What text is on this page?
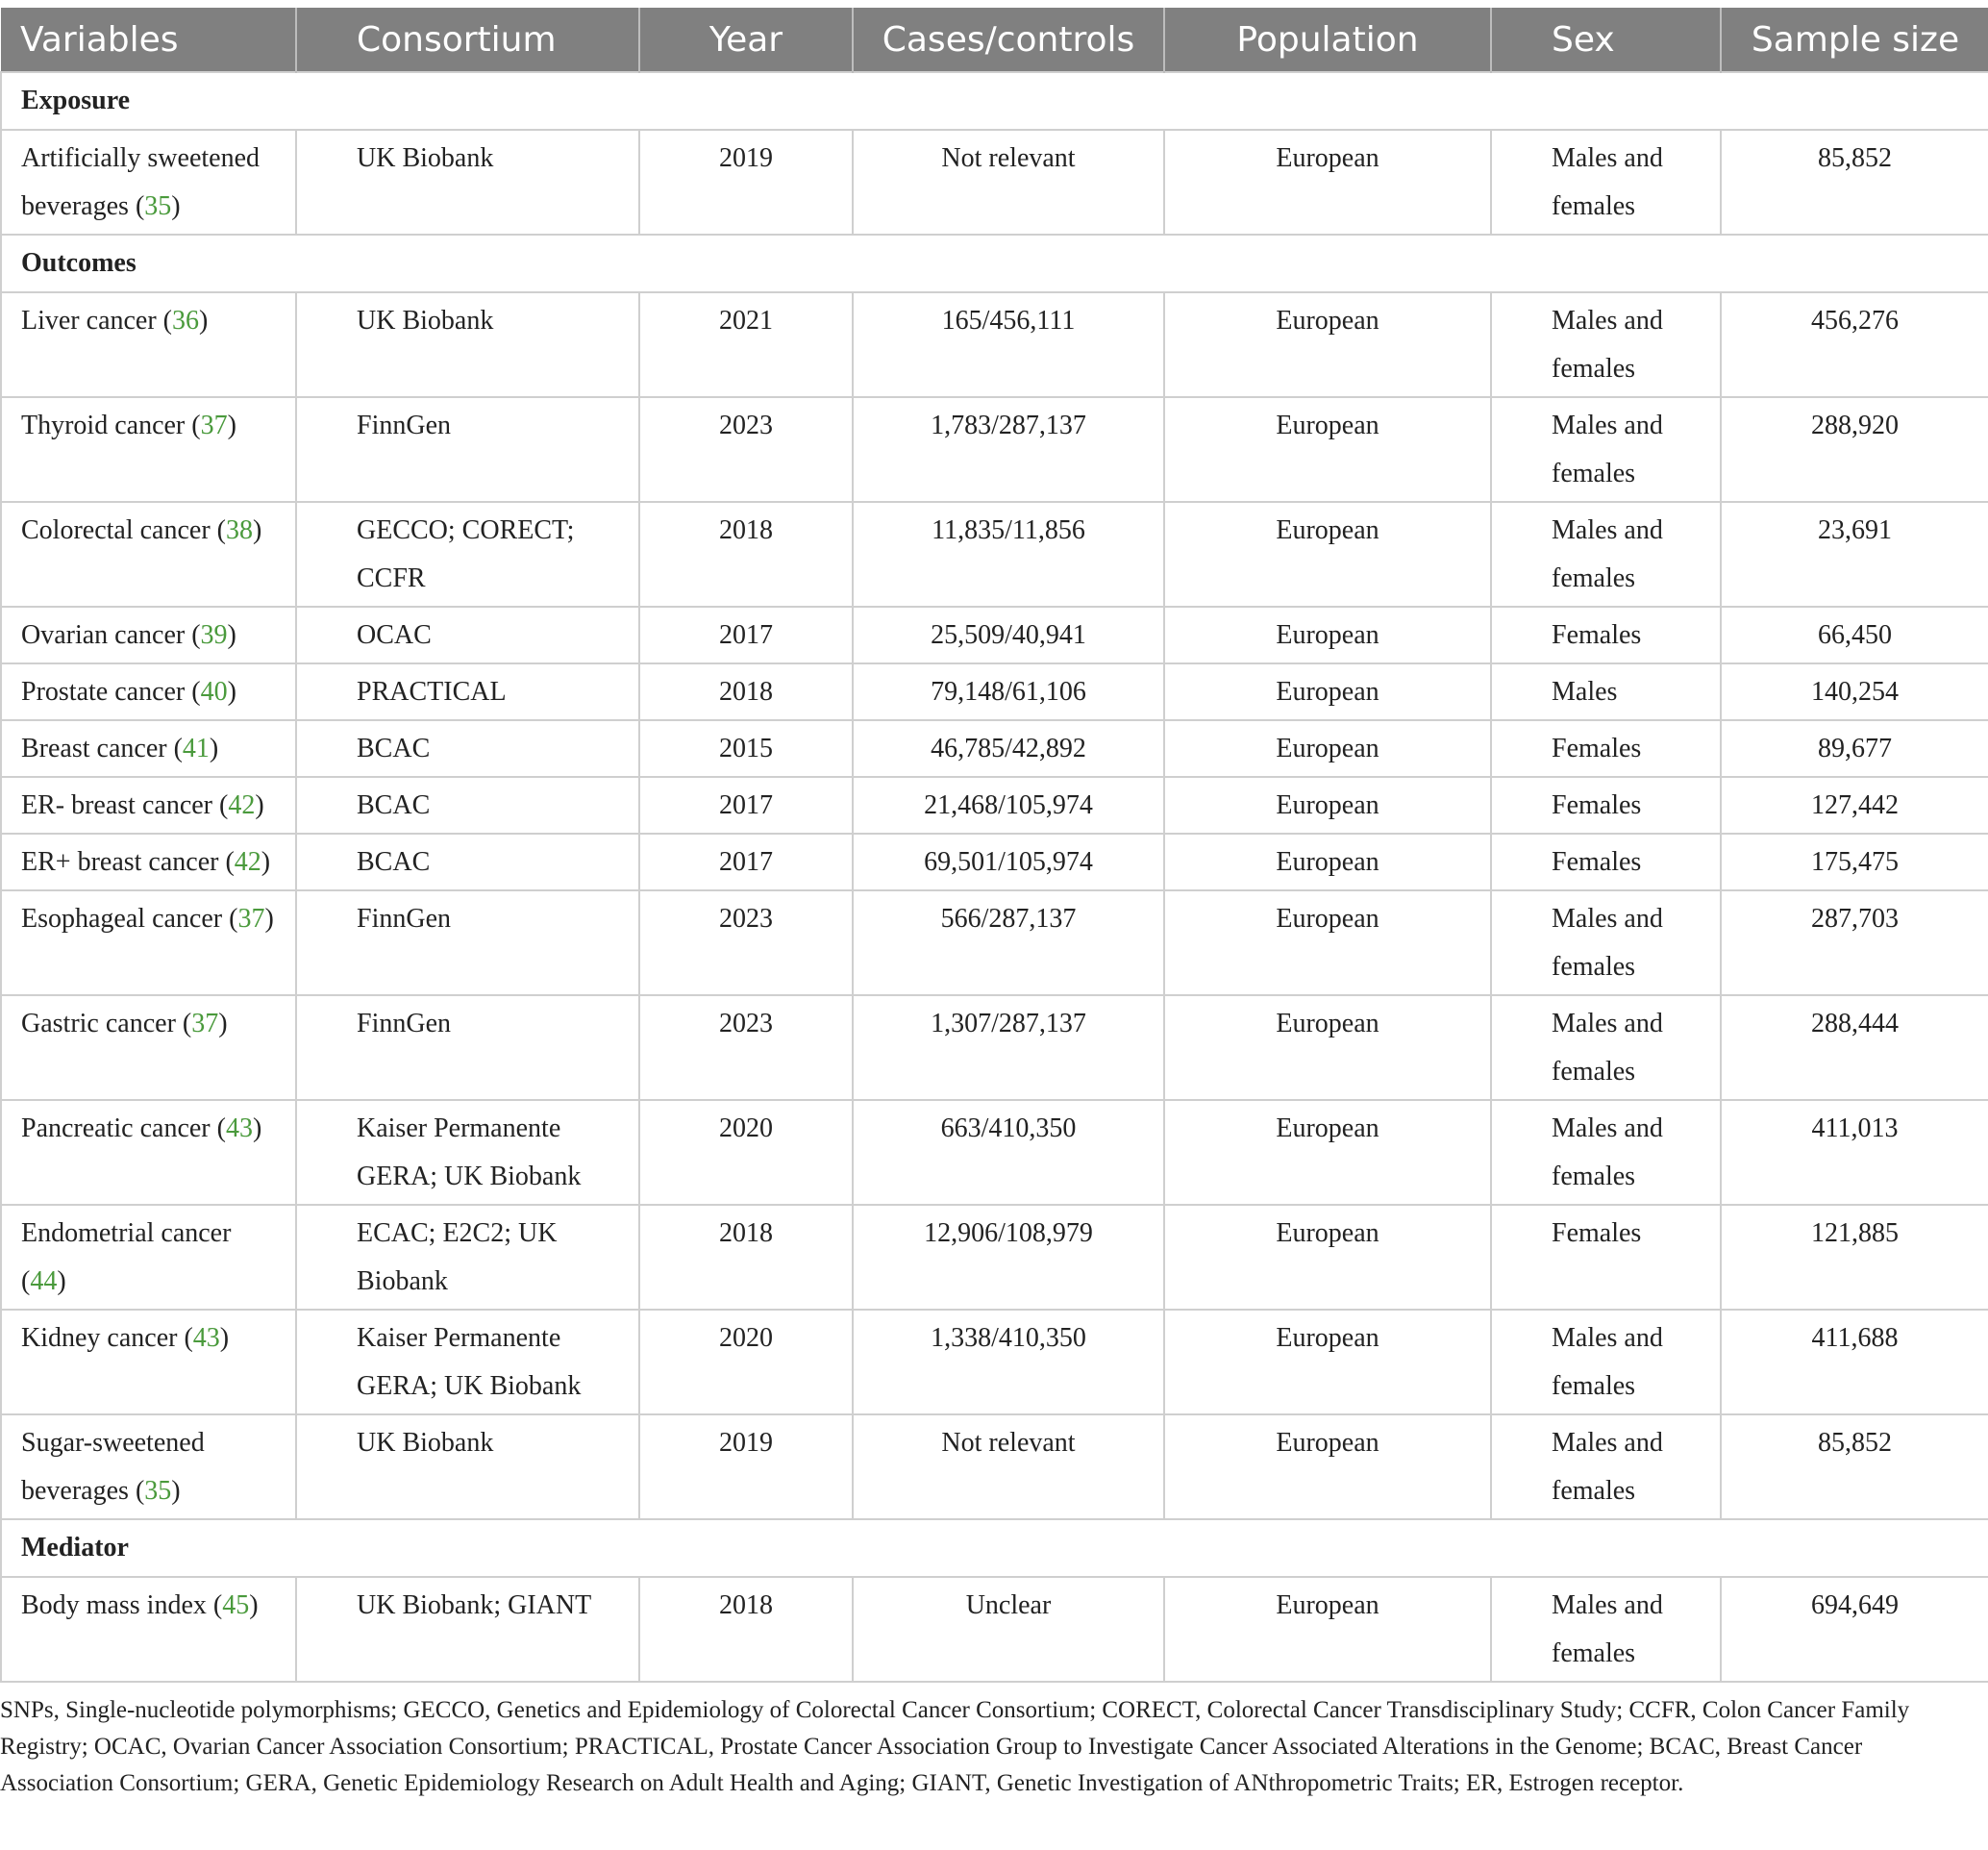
Variables	Consortium	Year	Cases/controls	Population	Sex	Sample size
Exposure						
Artificially sweetened beverages (35)	UK Biobank	2019	Not relevant	European	Males and females	85,852
Outcomes						
Liver cancer (36)	UK Biobank	2021	165/456,111	European	Males and females	456,276
Thyroid cancer (37)	FinnGen	2023	1,783/287,137	European	Males and females	288,920
Colorectal cancer (38)	GECCO; CORECT; CCFR	2018	11,835/11,856	European	Males and females	23,691
Ovarian cancer (39)	OCAC	2017	25,509/40,941	European	Females	66,450
Prostate cancer (40)	PRACTICAL	2018	79,148/61,106	European	Males	140,254
Breast cancer (41)	BCAC	2015	46,785/42,892	European	Females	89,677
ER- breast cancer (42)	BCAC	2017	21,468/105,974	European	Females	127,442
ER+ breast cancer (42)	BCAC	2017	69,501/105,974	European	Females	175,475
Esophageal cancer (37)	FinnGen	2023	566/287,137	European	Males and females	287,703
Gastric cancer (37)	FinnGen	2023	1,307/287,137	European	Males and females	288,444
Pancreatic cancer (43)	Kaiser Permanente GERA; UK Biobank	2020	663/410,350	European	Males and females	411,013
Endometrial cancer (44)	ECAC; E2C2; UK Biobank	2018	12,906/108,979	European	Females	121,885
Kidney cancer (43)	Kaiser Permanente GERA; UK Biobank	2020	1,338/410,350	European	Males and females	411,688
Sugar-sweetened beverages (35)	UK Biobank	2019	Not relevant	European	Males and females	85,852
Mediator						
Body mass index (45)	UK Biobank; GIANT	2018	Unclear	European	Males and females	694,649

SNPs, Single-nucleotide polymorphisms; GECCO, Genetics and Epidemiology of Colorectal Cancer Consortium; CORECT, Colorectal Cancer Transdisciplinary Study; CCFR, Colon Cancer Family Registry; OCAC, Ovarian Cancer Association Consortium; PRACTICAL, Prostate Cancer Association Group to Investigate Cancer Associated Alterations in the Genome; BCAC, Breast Cancer Association Consortium; GERA, Genetic Epidemiology Research on Adult Health and Aging; GIANT, Genetic Investigation of ANthropometric Traits; ER, Estrogen receptor.
